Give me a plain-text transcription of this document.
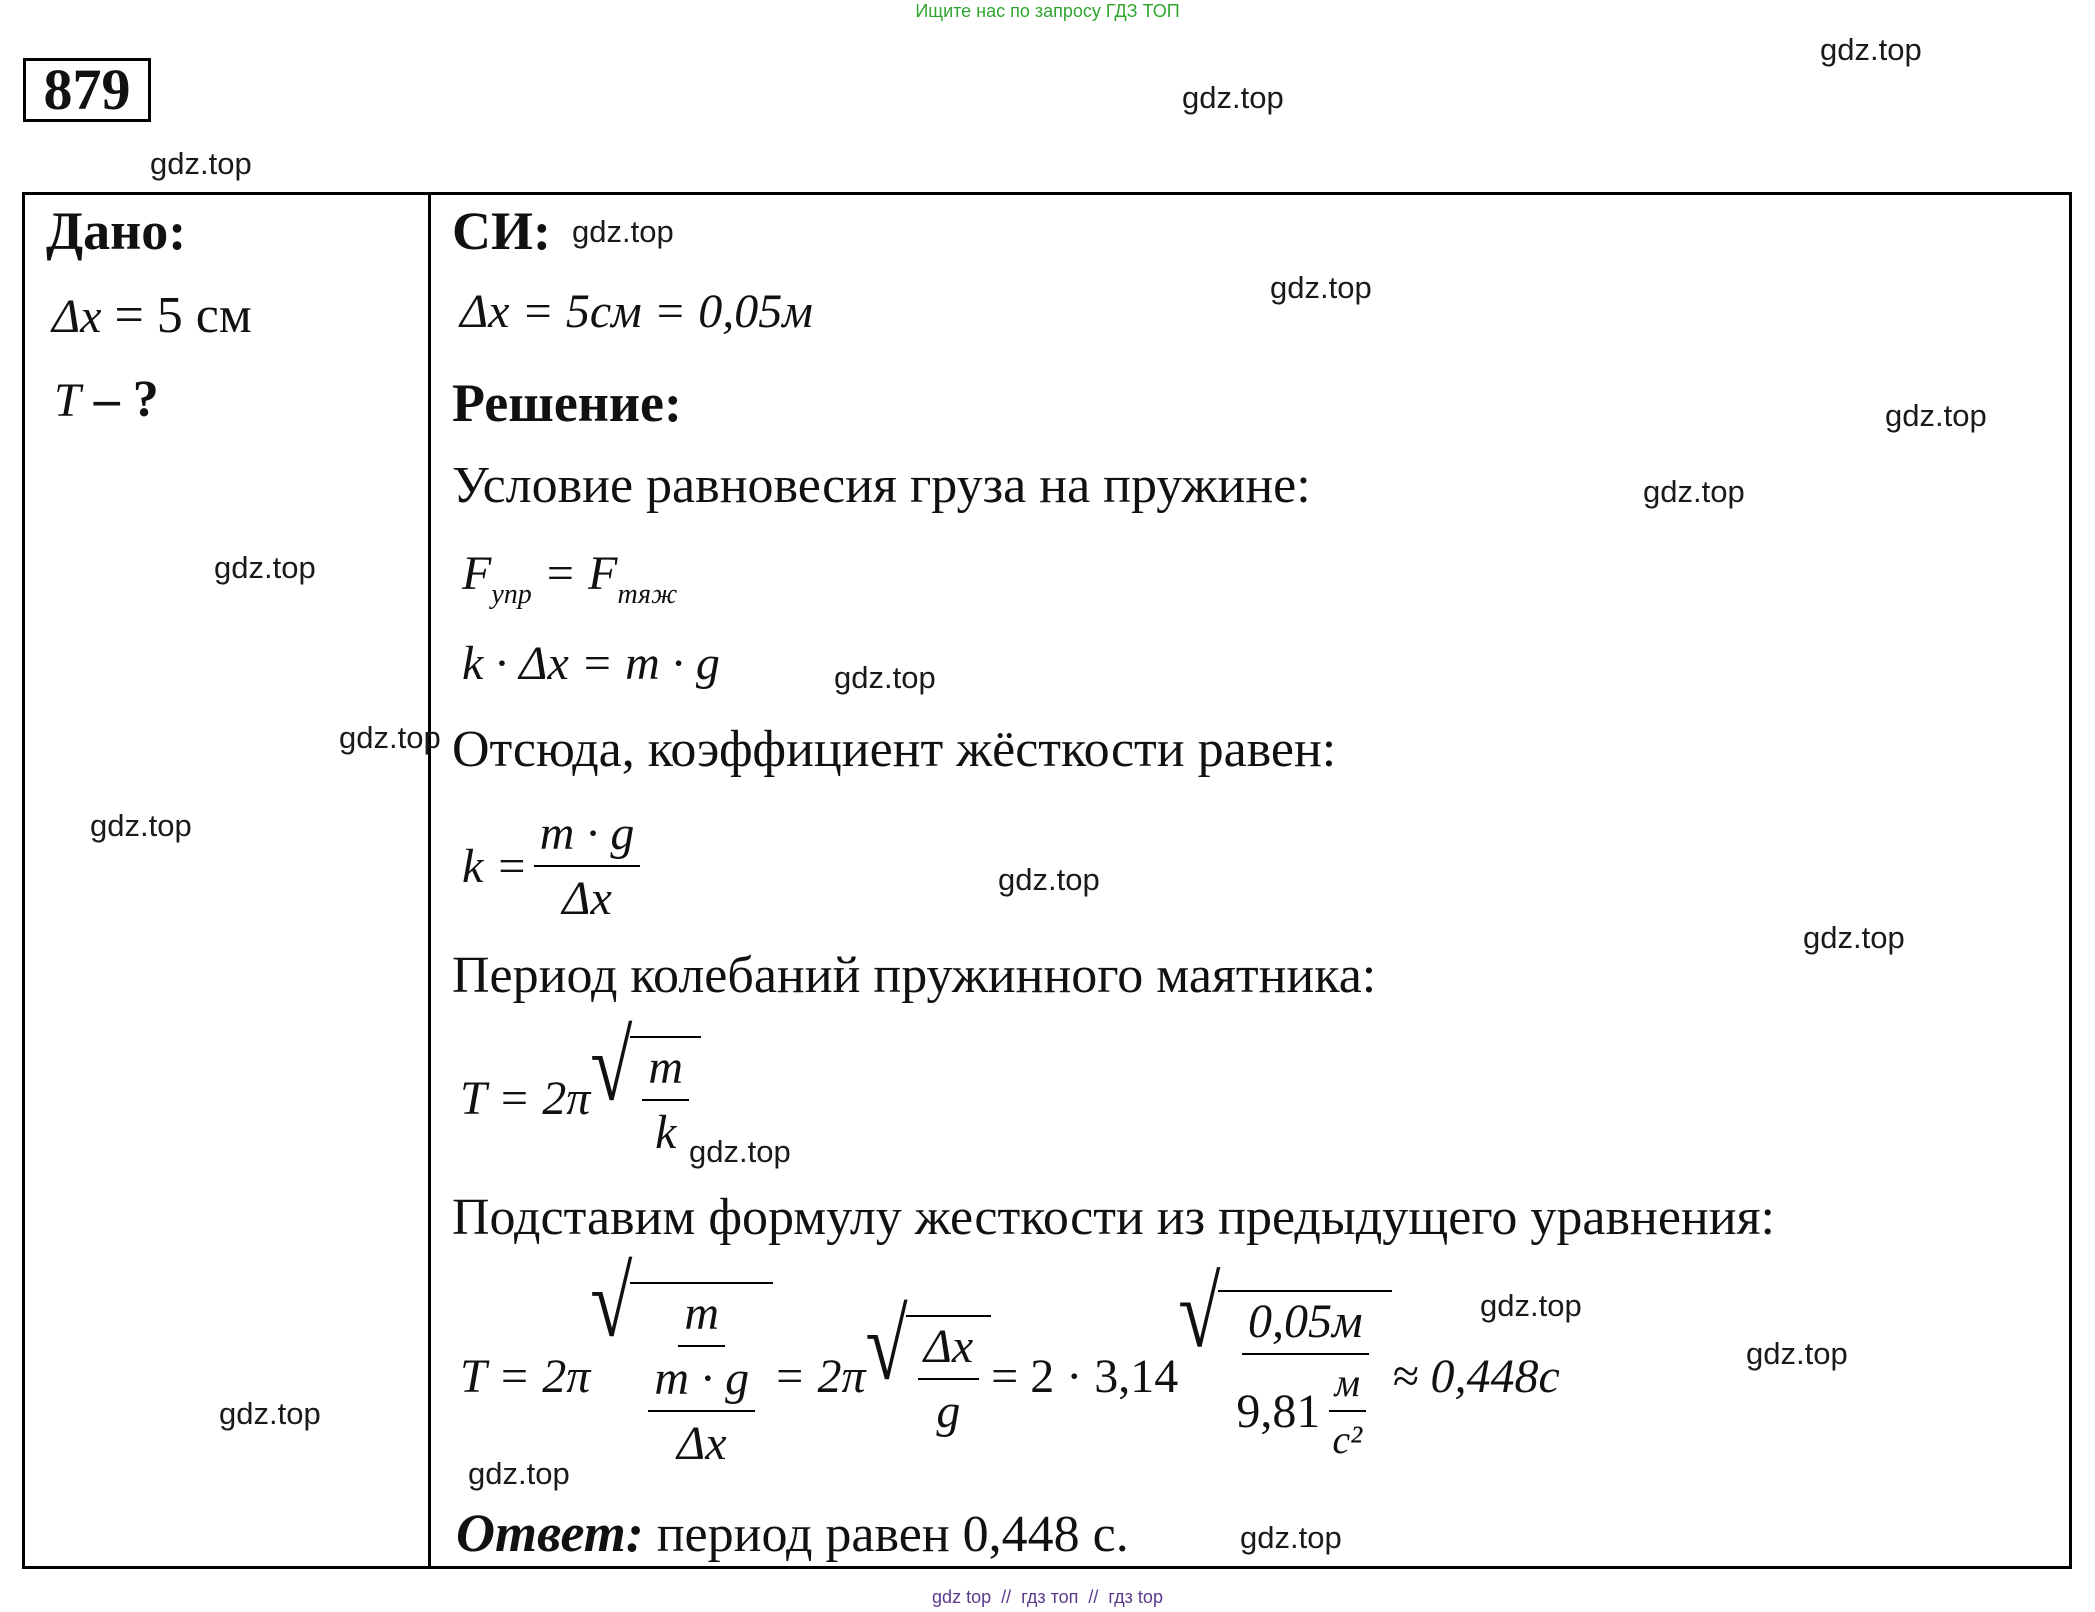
Ищите нас по запросу ГДЗ ТОП
879
Дано:
Δx = 5 см
T – ?
СИ:
Δx = 5см = 0,05м
Решение:
Условие равновесия груза на пружине:
$F_{упр} = F_{тяж}$
k · Δx = m · g
Отсюда, коэффициент жёсткости равен:
$k = \frac{m \cdot g}{\Delta x}$
Период колебаний пружинного маятника:
T = 2π √ $\frac{m}{k}$
Подставим формулу жесткости из предыдущего уравнения:
T = 2π
√ $\frac{m}{\frac{m \cdot g}{\Delta x}} = 2\pi$ √ $\frac{\Delta x}{g} = 2 \cdot 3,14$
√ $\frac{0,05м}{9,81 \frac{м}{\text{с²}}} \approx 0,448с$
Ответ: период равен 0,448 с.
gdz.top
gdz.top
gdz.top
gdz.top
gdz.top
gdz.top
gdz.top
gdz.top
gdz.top
gdz.top
gdz.top
gdz.top
gdz.top
gdz.top
gdz.top
gdz.top
gdz.top
gdz.top
gdz.top
gdz top  //  гдз топ  //  гдз top
